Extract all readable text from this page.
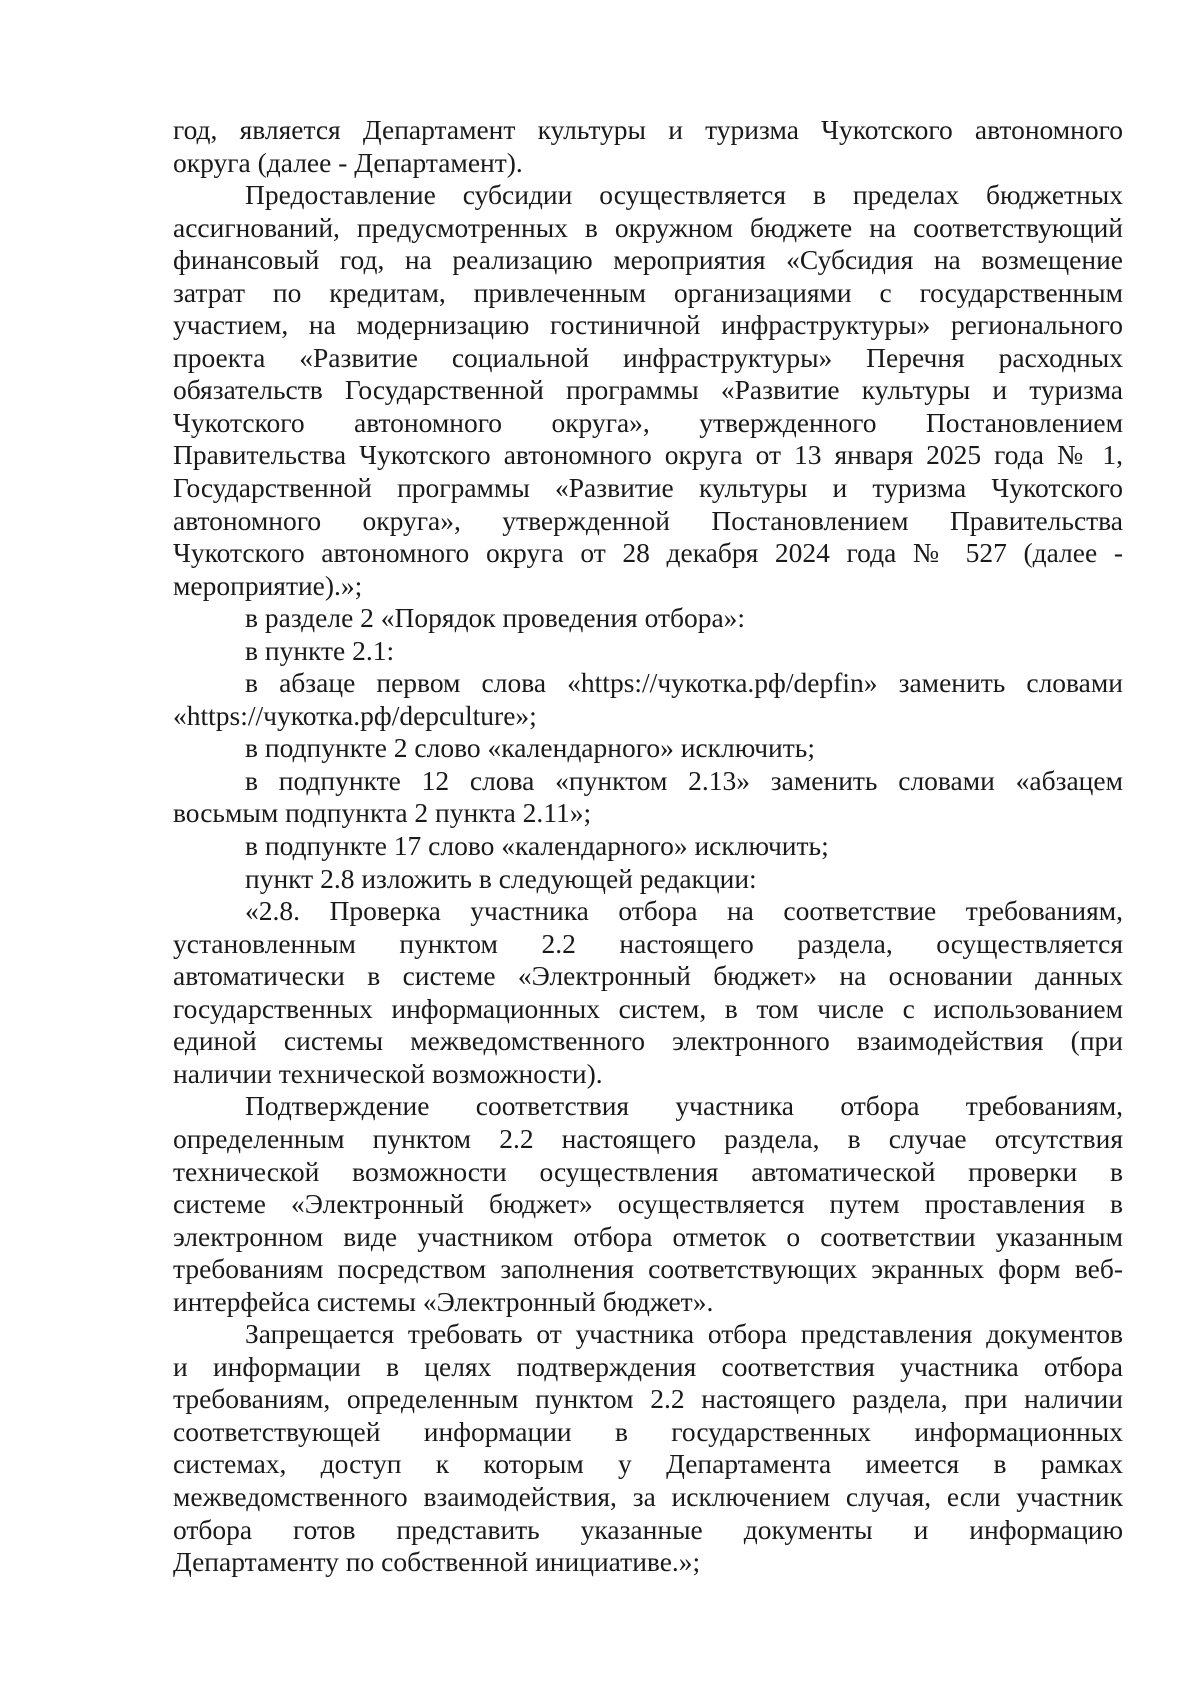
год, является Департамент культуры и туризма Чукотского автономного
округа (далее - Департамент).
Предоставление субсидии осуществляется в пределах бюджетных
ассигнований, предусмотренных в окружном бюджете на соответствующий
финансовый год, на реализацию мероприятия «Субсидия на возмещение
затрат по кредитам, привлеченным организациями с государственным
участием, на модернизацию гостиничной инфраструктуры» регионального
проекта «Развитие социальной инфраструктуры» Перечня расходных
обязательств Государственной программы «Развитие культуры и туризма
Чукотского автономного округа», утвержденного Постановлением
Правительства Чукотского автономного округа от 13 января 2025 года № 1,
Государственной программы «Развитие культуры и туризма Чукотского
автономного округа», утвержденной Постановлением Правительства
Чукотского автономного округа от 28 декабря 2024 года № 527 (далее -
мероприятие).»;
в разделе 2 «Порядок проведения отбора»:
в пункте 2.1:
в абзаце первом слова «https://чукотка.рф/depfin» заменить словами
«https://чукотка.рф/depculture»;
в подпункте 2 слово «календарного» исключить;
в подпункте 12 слова «пунктом 2.13» заменить словами «абзацем
восьмым подпункта 2 пункта 2.11»;
в подпункте 17 слово «календарного» исключить;
пункт 2.8 изложить в следующей редакции:
«2.8. Проверка участника отбора на соответствие требованиям,
установленным пунктом 2.2 настоящего раздела, осуществляется
автоматически в системе «Электронный бюджет» на основании данных
государственных информационных систем, в том числе с использованием
единой системы межведомственного электронного взаимодействия (при
наличии технической возможности).
Подтверждение соответствия участника отбора требованиям,
определенным пунктом 2.2 настоящего раздела, в случае отсутствия
технической возможности осуществления автоматической проверки в
системе «Электронный бюджет» осуществляется путем проставления в
электронном виде участником отбора отметок о соответствии указанным
требованиям посредством заполнения соответствующих экранных форм веб-
интерфейса системы «Электронный бюджет».
Запрещается требовать от участника отбора представления документов
и информации в целях подтверждения соответствия участника отбора
требованиям, определенным пунктом 2.2 настоящего раздела, при наличии
соответствующей информации в государственных информационных
системах, доступ к которым у Департамента имеется в рамках
межведомственного взаимодействия, за исключением случая, если участник
отбора готов представить указанные документы и информацию
Департаменту по собственной инициативе.»;
